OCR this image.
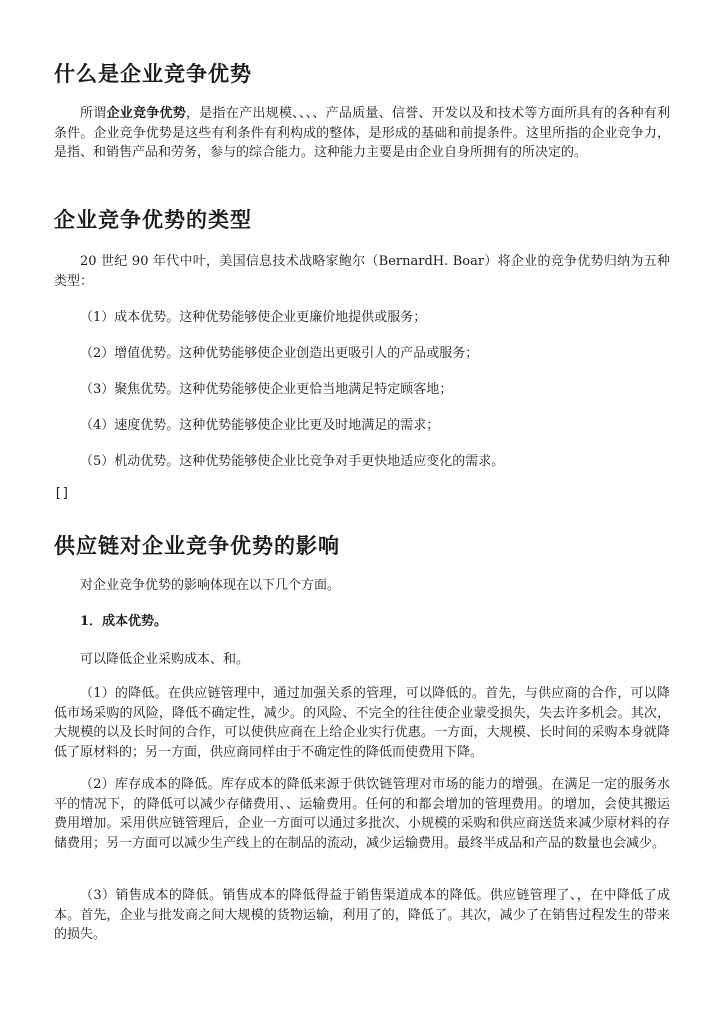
什么是企业竞争优势

所谓企业竞争优势，是指在产出规模、、、、产品质量、信誉、开发以及和技术等方面所具有的各种有利条件。企业竞争优势是这些有利条件有利构成的整体，是形成的基础和前提条件。这里所指的企业竞争力，是指、和销售产品和劳务，参与的综合能力。这种能力主要是由企业自身所拥有的所决定的。

企业竞争优势的类型

20 世纪 90 年代中叶，美国信息技术战略家鲍尔（BernardH. Boar）将企业的竞争优势归纳为五种类型：

（1）成本优势。这种优势能够使企业更廉价地提供或服务；

（2）增值优势。这种优势能够使企业创造出更吸引人的产品或服务；

（3）聚焦优势。这种优势能够使企业更恰当地满足特定顾客地；

（4）速度优势。这种优势能够使企业比更及时地满足的需求；

（5）机动优势。这种优势能够使企业比竞争对手更快地适应变化的需求。

[]
供应链对企业竞争优势的影响

对企业竞争优势的影响体现在以下几个方面。

1．成本优势。

可以降低企业采购成本、和。

（1）的降低。在供应链管理中，通过加强关系的管理，可以降低的。首先，与供应商的合作，可以降低市场采购的风险，降低不确定性，减少。的风险、不完全的往往使企业蒙受损失，失去许多机会。其次，大规模的以及长时间的合作，可以使供应商在上给企业实行优惠。一方面，大规模、长时间的采购本身就降低了原材料的；另一方面，供应商同样由于不确定性的降低而使费用下降。

（2）库存成本的降低。库存成本的降低来源于供饮链管理对市场的能力的增强。在满足一定的服务水平的情况下，的降低可以减少存储费用、、运输费用。任何的和都会增加的管理费用。的增加，会使其搬运费用增加。采用供应链管理后，企业一方面可以通过多批次、小规模的采购和供应商送货来减少原材料的存储费用；另一方面可以减少生产线上的在制品的流动，减少运输费用。最终半成品和产品的数量也会减少。

（3）销售成本的降低。销售成本的降低得益于销售渠道成本的降低。供应链管理了、，在中降低了成本。首先，企业与批发商之间大规模的货物运输，利用了的，降低了。其次，减少了在销售过程发生的带来的损失。
